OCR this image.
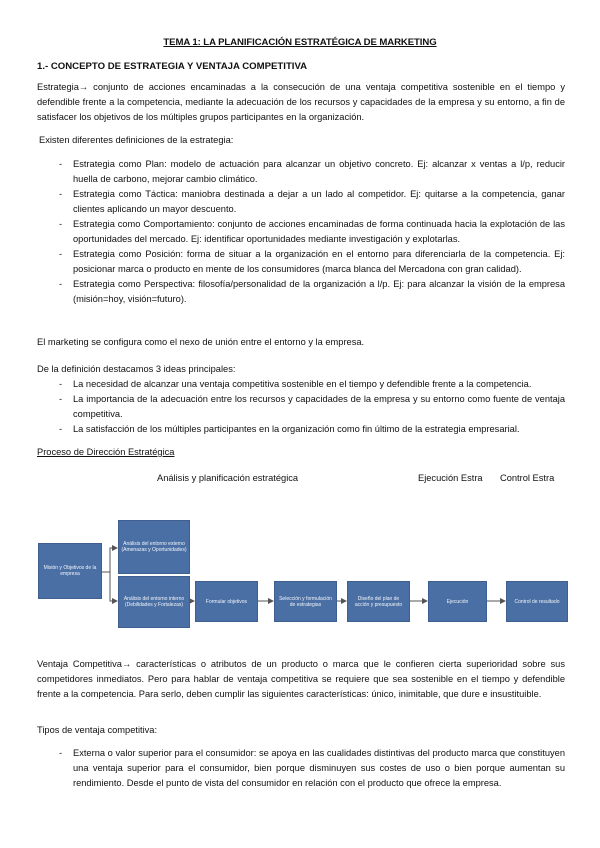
TEMA 1: LA PLANIFICACIÓN ESTRATÉGICA DE MARKETING
1.- CONCEPTO DE ESTRATEGIA Y VENTAJA COMPETITIVA
Estrategia→ conjunto de acciones encaminadas a la consecución de una ventaja competitiva sostenible en el tiempo y defendible frente a la competencia, mediante la adecuación de los recursos y capacidades de la empresa y su entorno, a fin de satisfacer los objetivos de los múltiples grupos participantes en la organización.
Existen diferentes definiciones de la estrategia:
- Estrategia como Plan: modelo de actuación para alcanzar un objetivo concreto. Ej: alcanzar x ventas a l/p, reducir huella de carbono, mejorar cambio climático.
- Estrategia como Táctica: maniobra destinada a dejar a un lado al competidor. Ej: quitarse a la competencia, ganar clientes aplicando un mayor descuento.
- Estrategia como Comportamiento: conjunto de acciones encaminadas de forma continuada hacia la explotación de las oportunidades del mercado. Ej: identificar oportunidades mediante investigación y explotarlas.
- Estrategia como Posición: forma de situar a la organización en el entorno para diferenciarla de la competencia. Ej: posicionar marca o producto en mente de los consumidores (marca blanca del Mercadona con gran calidad).
- Estrategia como Perspectiva: filosofía/personalidad de la organización a l/p. Ej: para alcanzar la visión de la empresa (misión=hoy, visión=futuro).
El marketing se configura como el nexo de unión entre el entorno y la empresa.
De la definición destacamos 3 ideas principales:
- La necesidad de alcanzar una ventaja competitiva sostenible en el tiempo y defendible frente a la competencia.
- La importancia de la adecuación entre los recursos y capacidades de la empresa y su entorno como fuente de ventaja competitiva.
- La satisfacción de los múltiples participantes en la organización como fin último de la estrategia empresarial.
Proceso de Dirección Estratégica
Análisis y planificación estratégica	Ejecución Estra Control Estra
Misión y Objetivos de la empresa
Análisis del entorno externo (Amenazas y Oportunidades)
Análisis del entorno interno (Debilidades y Fortalezas)
Formular objetivos	Selección y formulación de estrategias
Diseño del plan de acción y presupuesto	Ejecución	Control de resultado
Ventaja Competitiva→ características o atributos de un producto o marca que le confieren cierta superioridad sobre sus competidores inmediatos. Pero para hablar de ventaja competitiva se requiere que sea sostenible en el tiempo y defendible frente a la competencia. Para serlo, deben cumplir las siguientes características: único, inimitable, que dure e insustituible.
Tipos de ventaja competitiva:
- Externa o valor superior para el consumidor: se apoya en las cualidades distintivas del producto marca que constituyen una ventaja superior para el consumidor, bien porque disminuyen sus costes de uso o bien porque aumentan su rendimiento. Desde el punto de vista del consumidor en relación con el producto que ofrece la empresa.
